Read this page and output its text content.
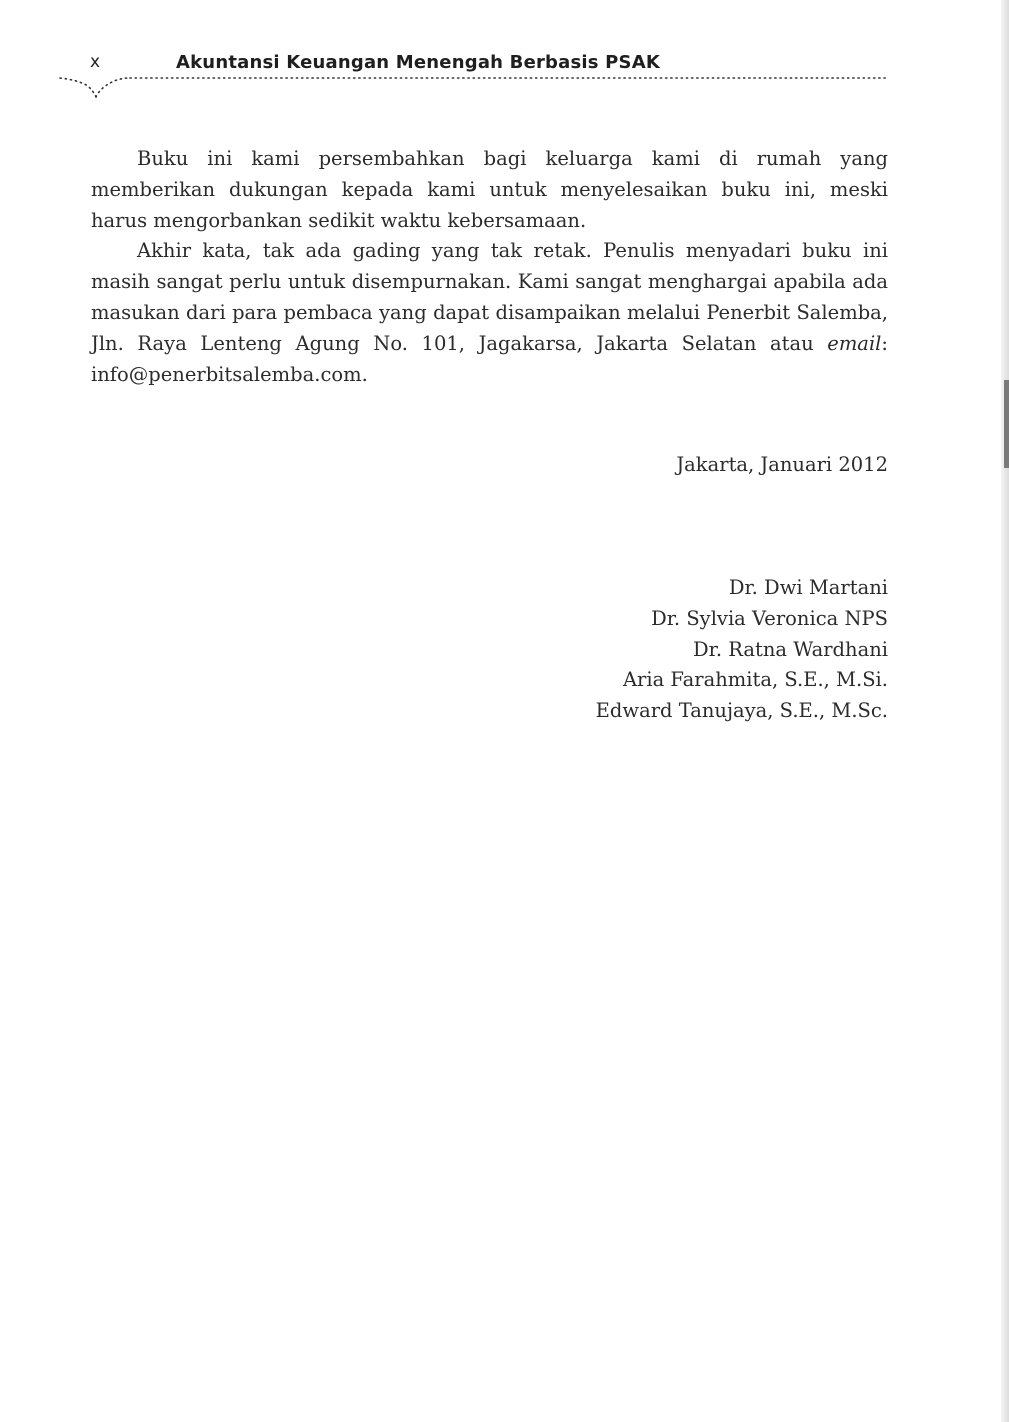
x	Akuntansi Keuangan Menengah Berbasis PSAK

Buku ini kami persembahkan bagi keluarga kami di rumah yang memberikan dukungan kepada kami untuk menyelesaikan buku ini, meski harus mengorbankan sedikit waktu kebersamaan.

Akhir kata, tak ada gading yang tak retak. Penulis menyadari buku ini masih sangat perlu untuk disempurnakan. Kami sangat menghargai apabila ada masukan dari para pembaca yang dapat disampaikan melalui Penerbit Salemba, Jln. Raya Lenteng Agung No. 101, Jagakarsa, Jakarta Selatan atau email: info@penerbitsalemba.com.

Jakarta, Januari 2012
Dr. Dwi Martani
Dr. Sylvia Veronica NPS
Dr. Ratna Wardhani
Aria Farahmita, S.E., M.Si.
Edward Tanujaya, S.E., M.Sc.
